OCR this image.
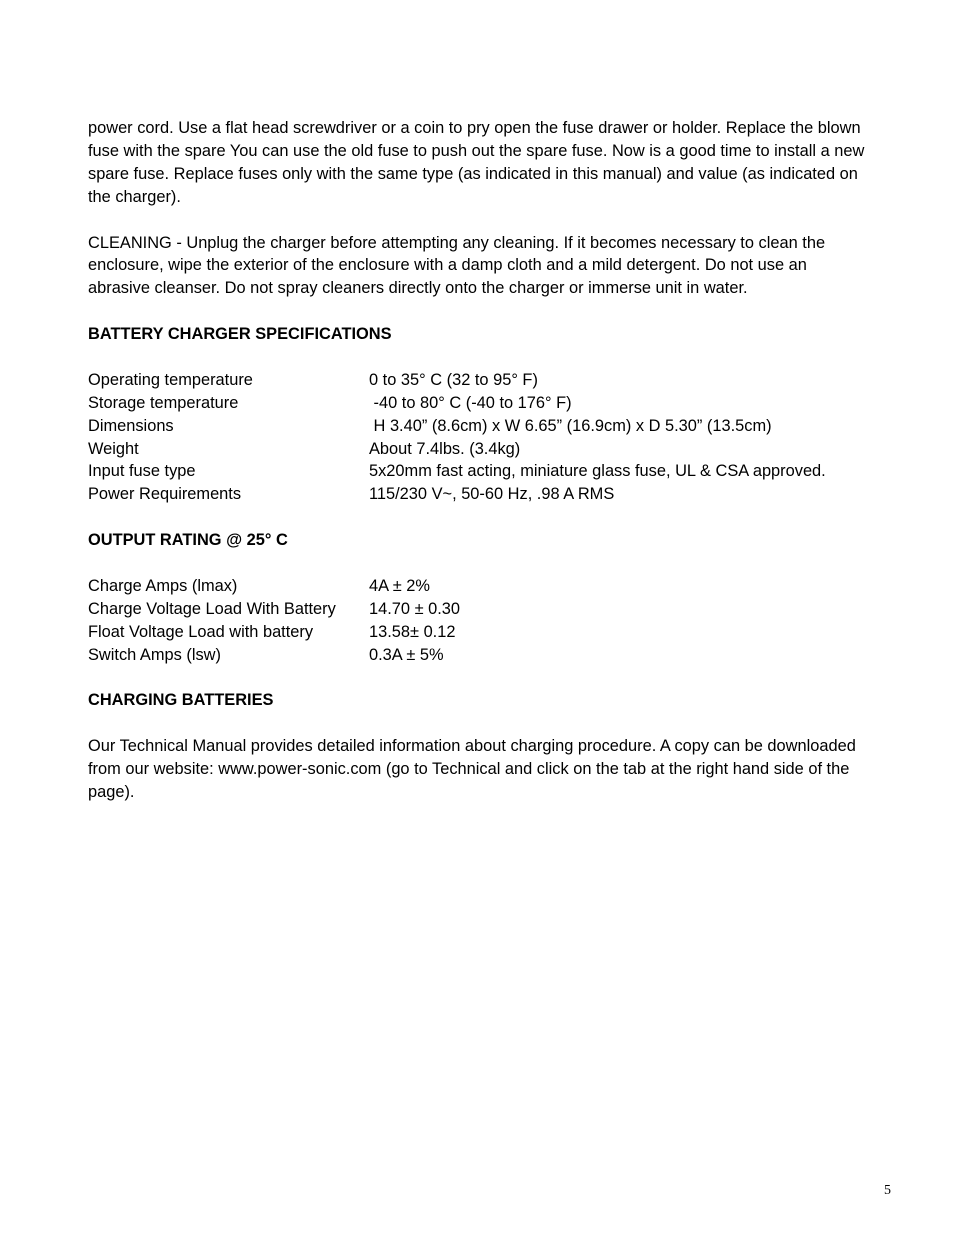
power cord. Use a flat head screwdriver or a coin to pry open the fuse drawer or holder. Replace the blown fuse with the spare You can use the old fuse to push out the spare fuse. Now is a good time to install a new spare fuse. Replace fuses only with the same type (as indicated in this manual) and value (as indicated on the charger).

CLEANING - Unplug the charger before attempting any cleaning. If it becomes necessary to clean the enclosure, wipe the exterior of the enclosure with a damp cloth and a mild detergent. Do not use an abrasive cleanser. Do not spray cleaners directly onto the charger or immerse unit in water.

BATTERY CHARGER SPECIFICATIONS
Operating temperature	0 to 35° C (32 to 95° F)
Storage temperature	-40 to 80° C (-40 to 176° F)
Dimensions	H 3.40” (8.6cm) x W 6.65” (16.9cm) x D 5.30” (13.5cm)
Weight	About 7.4lbs. (3.4kg)
Input fuse type	5x20mm fast acting, miniature glass fuse, UL & CSA approved.
Power Requirements	115/230 V~, 50-60 Hz, .98 A RMS
OUTPUT RATING @ 25° C
Charge Amps (lmax)	4A ± 2%
Charge Voltage Load With Battery	14.70 ± 0.30
Float Voltage Load with battery	13.58± 0.12
Switch Amps (lsw)	0.3A ± 5%
CHARGING BATTERIES

Our Technical Manual provides detailed information about charging procedure. A copy can be downloaded from our website: www.power-sonic.com (go to Technical and click on the tab at the right hand side of the page).

5
